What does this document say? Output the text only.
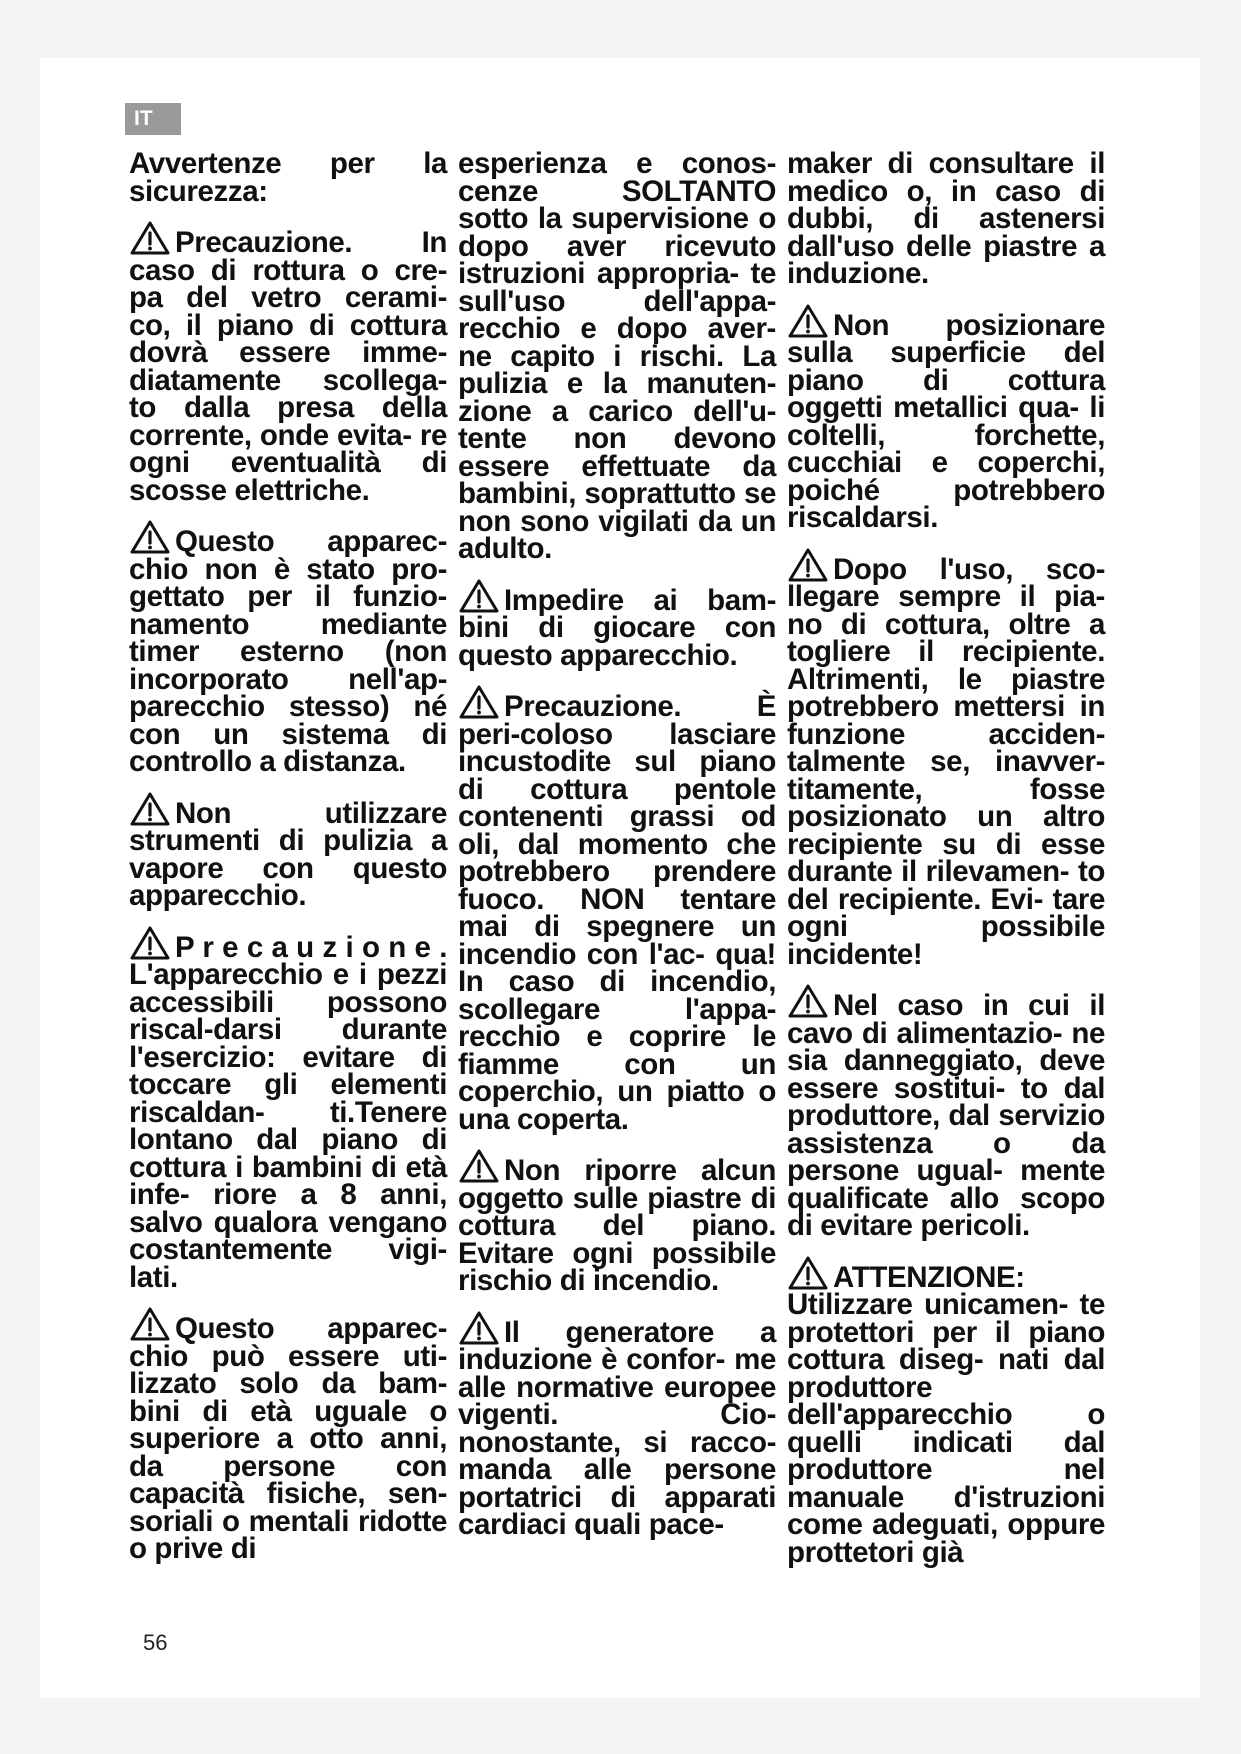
IT

Avvertenze per la sicurezza:

Precauzione. In caso di rottura o cre- pa del vetro cerami- co, il piano di cottura dovrà essere imme- diatamente scollega- to dalla presa della corrente, onde evita- re ogni eventualità di scosse elettriche.

Questo apparec- chio non è stato pro- gettato per il funzio- namento mediante timer esterno (non incorporato nell'ap- parecchio stesso) né con un sistema di controllo a distanza.

Non utilizzare strumenti di pulizia a vapore con questo apparecchio.

P r e c a u z i o n e . L'apparecchio e i pezzi accessibili possono riscal-darsi durante l'esercizio: evitare di toccare gli elementi riscaldan- ti.Tenere lontano dal piano di cottura i bambini di età infe- riore a 8 anni, salvo qualora vengano costantemente vigi- lati.

Questo apparec- chio può essere uti- lizzato solo da bam- bini di età uguale o superiore a otto anni, da persone con capacità fisiche, sen- soriali o mentali ridotte o prive di

esperienza e conos- cenze SOLTANTO sotto la supervisione o dopo aver ricevuto istruzioni appropria- te sull'uso dell'appa- recchio e dopo aver- ne capito i rischi. La pulizia e la manuten- zione a carico dell'u- tente non devono essere effettuate da bambini, soprattutto se non sono vigilati da un adulto.

Impedire ai bam- bini di giocare con questo apparecchio.

Precauzione. È peri-coloso lasciare incustodite sul piano di cottura pentole contenenti grassi od oli, dal momento che potrebbero prendere fuoco. NON tentare mai di spegnere un incendio con l'ac- qua! In caso di incendio, scollegare l'appa-recchio e coprire le fiamme con un coperchio, un piatto o una coperta.

Non riporre alcun oggetto sulle piastre di cottura del piano. Evitare ogni possibile rischio di incendio.

Il generatore a induzione è confor- me alle normative europee vigenti. Cio- nonostante, si racco- manda alle persone portatrici di apparati cardiaci quali pace-

maker di consultare il medico o, in caso di dubbi, di astenersi dall'uso delle piastre a induzione.

Non posizionare sulla superficie del piano di cottura oggetti metallici qua- li coltelli, forchette, cucchiai e coperchi, poiché potrebbero riscaldarsi.

Dopo l'uso, sco- llegare sempre il pia- no di cottura, oltre a togliere il recipiente. Altrimenti, le piastre potrebbero mettersi in funzione acciden- talmente se, inavver- titamente, fosse posizionato un altro recipiente su di esse durante il rilevamen- to del recipiente. Evi- tare ogni possibile incidente!

Nel caso in cui il cavo di alimentazio- ne sia danneggiato, deve essere sostitui- to dal produttore, dal servizio assistenza o da persone ugual- mente qualificate allo scopo di evitare pericoli.

ATTENZIONE: Utilizzare unicamen- te protettori per il piano cottura diseg- nati dal produttore dell'apparecchio o quelli indicati dal produttore nel manuale d'istruzioni come adeguati, oppure prottetori già

56
